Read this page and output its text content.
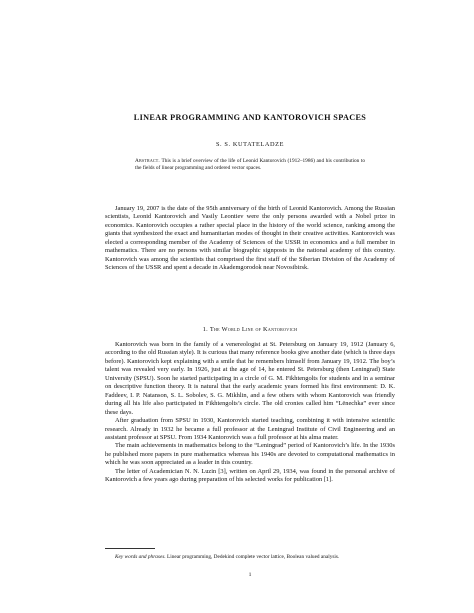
LINEAR PROGRAMMING AND KANTOROVICH SPACES
S. S. KUTATELADZE
Abstract. This is a brief overview of the life of Leonid Kantorovich (1912–1986) and his contribution to the fields of linear programming and ordered vector spaces.

January 19, 2007 is the date of the 95th anniversary of the birth of Leonid Kantorovich. Among the Russian scientists, Leonid Kantorovich and Vasily Leontiev were the only persons awarded with a Nobel prize in economics. Kantorovich occupies a rather special place in the history of the world science, ranking among the giants that synthesized the exact and humanitarian modes of thought in their creative activities. Kantorovich was elected a corresponding member of the Academy of Sciences of the USSR in economics and a full member in mathematics. There are no persons with similar biographic signposts in the national academy of this country. Kantorovich was among the scientists that comprised the first staff of the Siberian Division of the Academy of Sciences of the USSR and spent a decade in Akademgorodok near Novosibirsk.

1. The World Line of Kantorovich

Kantorovich was born in the family of a venereologist at St. Petersburg on January 19, 1912 (January 6, according to the old Russian style). It is curious that many reference books give another date (which is three days before). Kantorovich kept explaining with a smile that he remembers himself from January 19, 1912. The boy’s talent was revealed very early. In 1926, just at the age of 14, he entered St. Petersburg (then Leningrad) State University (SPSU). Soon he started participating in a circle of G. M. Fikhtengolts for students and in a seminar on descriptive function theory. It is natural that the early academic years formed his first environment: D. K. Faddeev, I. P. Natanson, S. L. Sobolev, S. G. Mikhlin, and a few others with whom Kantorovich was friendly during all his life also participated in Fikhtengolts’s circle. The old cronies called him “Lënechka” ever since these days.

After graduation from SPSU in 1930, Kantorovich started teaching, combining it with intensive scientific research. Already in 1932 he became a full professor at the Leningrad Institute of Civil Engineering and an assistant professor at SPSU. From 1934 Kantorovich was a full professor at his alma mater.

The main achievements in mathematics belong to the “Leningrad” period of Kantorovich’s life. In the 1930s he published more papers in pure mathematics whereas his 1940s are devoted to computational mathematics in which he was soon appreciated as a leader in this country.

The letter of Academician N. N. Luzin [3], written on April 29, 1934, was found in the personal archive of Kantorovich a few years ago during preparation of his selected works for publication [1].

Key words and phrases. Linear programming, Dedekind complete vector lattice, Boolean valued analysis.
1
